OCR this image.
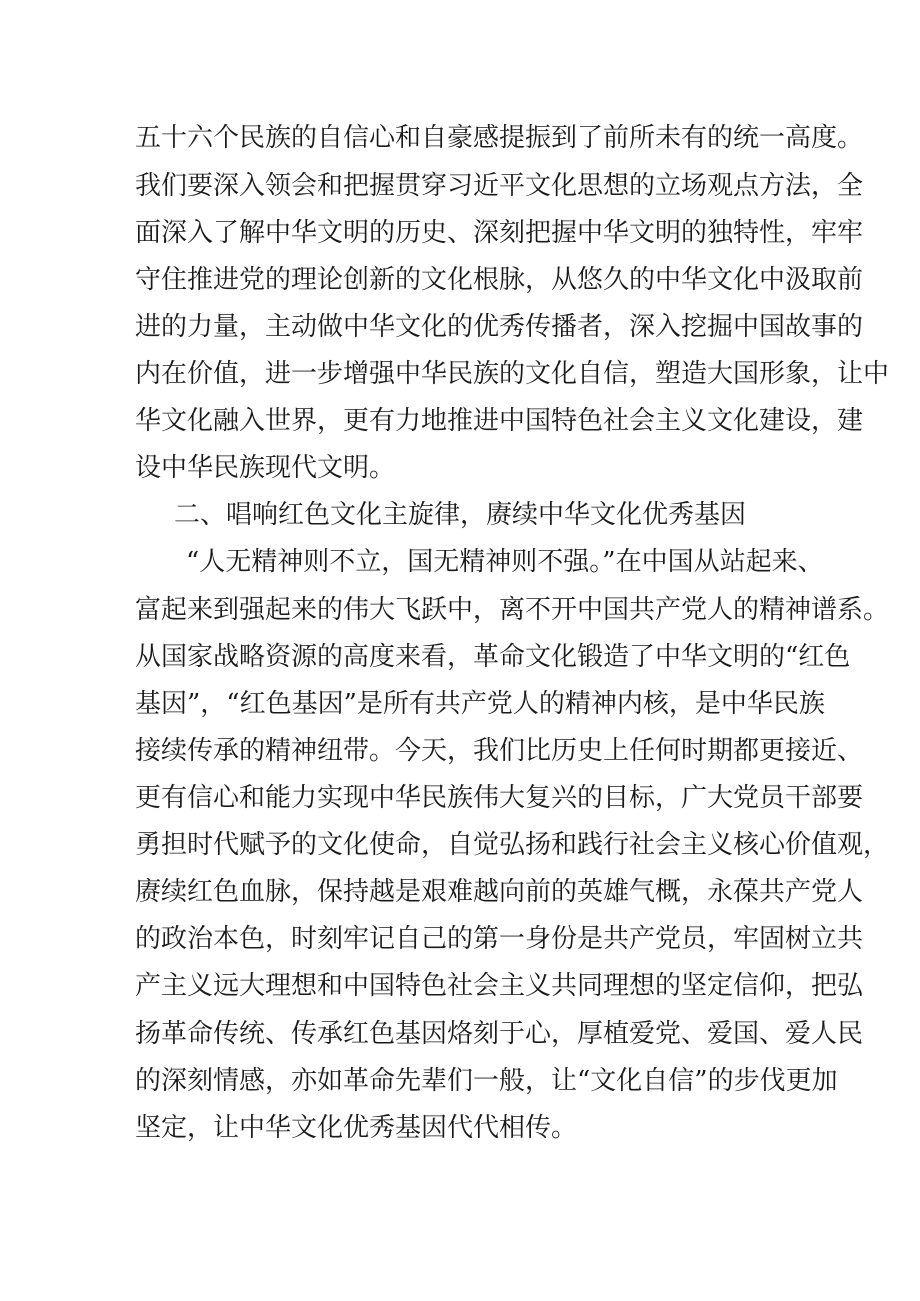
五十六个民族的自信心和自豪感提振到了前所未有的统一高度。

我们要深入领会和把握贯穿习近平文化思想的立场观点方法，全

面深入了解中华文明的历史、深刻把握中华文明的独特性，牢牢

守住推进党的理论创新的文化根脉，从悠久的中华文化中汲取前

进的力量，主动做中华文化的优秀传播者，深入挖掘中国故事的

内在价值，进一步增强中华民族的文化自信，塑造大国形象，让中

华文化融入世界，更有力地推进中国特色社会主义文化建设，建

设中华民族现代文明。

二、唱响红色文化主旋律，赓续中华文化优秀基因

“人无精神则不立，国无精神则不强。”在中国从站起来、

富起来到强起来的伟大飞跃中，离不开中国共产党人的精神谱系。

从国家战略资源的高度来看，革命文化锻造了中华文明的“红色

基因”，“红色基因”是所有共产党人的精神内核，是中华民族

接续传承的精神纽带。今天，我们比历史上任何时期都更接近、

更有信心和能力实现中华民族伟大复兴的目标，广大党员干部要

勇担时代赋予的文化使命，自觉弘扬和践行社会主义核心价值观，

赓续红色血脉，保持越是艰难越向前的英雄气概，永葆共产党人

的政治本色，时刻牢记自己的第一身份是共产党员，牢固树立共

产主义远大理想和中国特色社会主义共同理想的坚定信仰，把弘

扬革命传统、传承红色基因烙刻于心，厚植爱党、爱国、爱人民

的深刻情感，亦如革命先辈们一般，让“文化自信”的步伐更加

坚定，让中华文化优秀基因代代相传。
